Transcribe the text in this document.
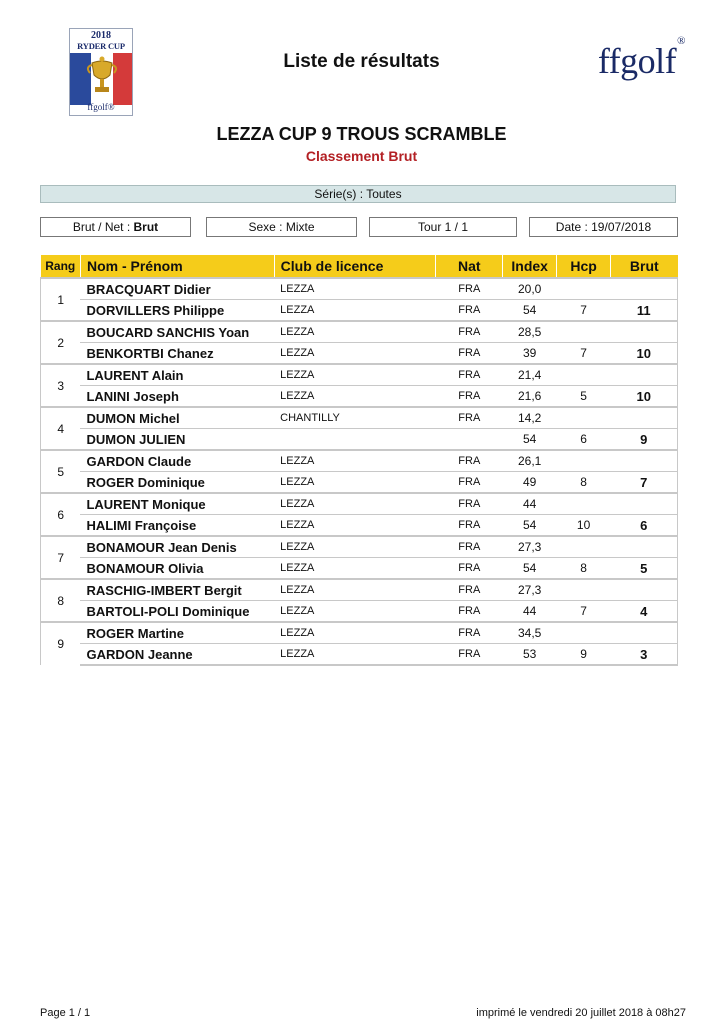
2018
RYDER CUP
ffgolf®
Liste de résultats	ffgolf®
LEZZA CUP 9 TROUS SCRAMBLE
Classement Brut
Série(s) : Toutes
Brut / Net : Brut	Sexe : Mixte	Tour 1 / 1	Date : 19/07/2018
Rang	Nom - Prénom	Club de licence	Nat	Index	Hcp	Brut
1	BRACQUART Didier	LEZZA	FRA	20,0		
	DORVILLERS Philippe	LEZZA	FRA	54	7	11
2	BOUCARD SANCHIS Yoan	LEZZA	FRA	28,5		
	BENKORTBI Chanez	LEZZA	FRA	39	7	10
3	LAURENT Alain	LEZZA	FRA	21,4		
	LANINI Joseph	LEZZA	FRA	21,6	5	10
4	DUMON Michel	CHANTILLY	FRA	14,2		
	DUMON JULIEN			54	6	9
5	GARDON Claude	LEZZA	FRA	26,1		
	ROGER Dominique	LEZZA	FRA	49	8	7
6	LAURENT Monique	LEZZA	FRA	44		
	HALIMI Françoise	LEZZA	FRA	54	10	6
7	BONAMOUR Jean Denis	LEZZA	FRA	27,3		
	BONAMOUR Olivia	LEZZA	FRA	54	8	5
8	RASCHIG-IMBERT Bergit	LEZZA	FRA	27,3		
	BARTOLI-POLI Dominique	LEZZA	FRA	44	7	4
9	ROGER Martine	LEZZA	FRA	34,5		
	GARDON Jeanne	LEZZA	FRA	53	9	3
Page 1 / 1	imprimé le vendredi 20 juillet 2018 à 08h27
